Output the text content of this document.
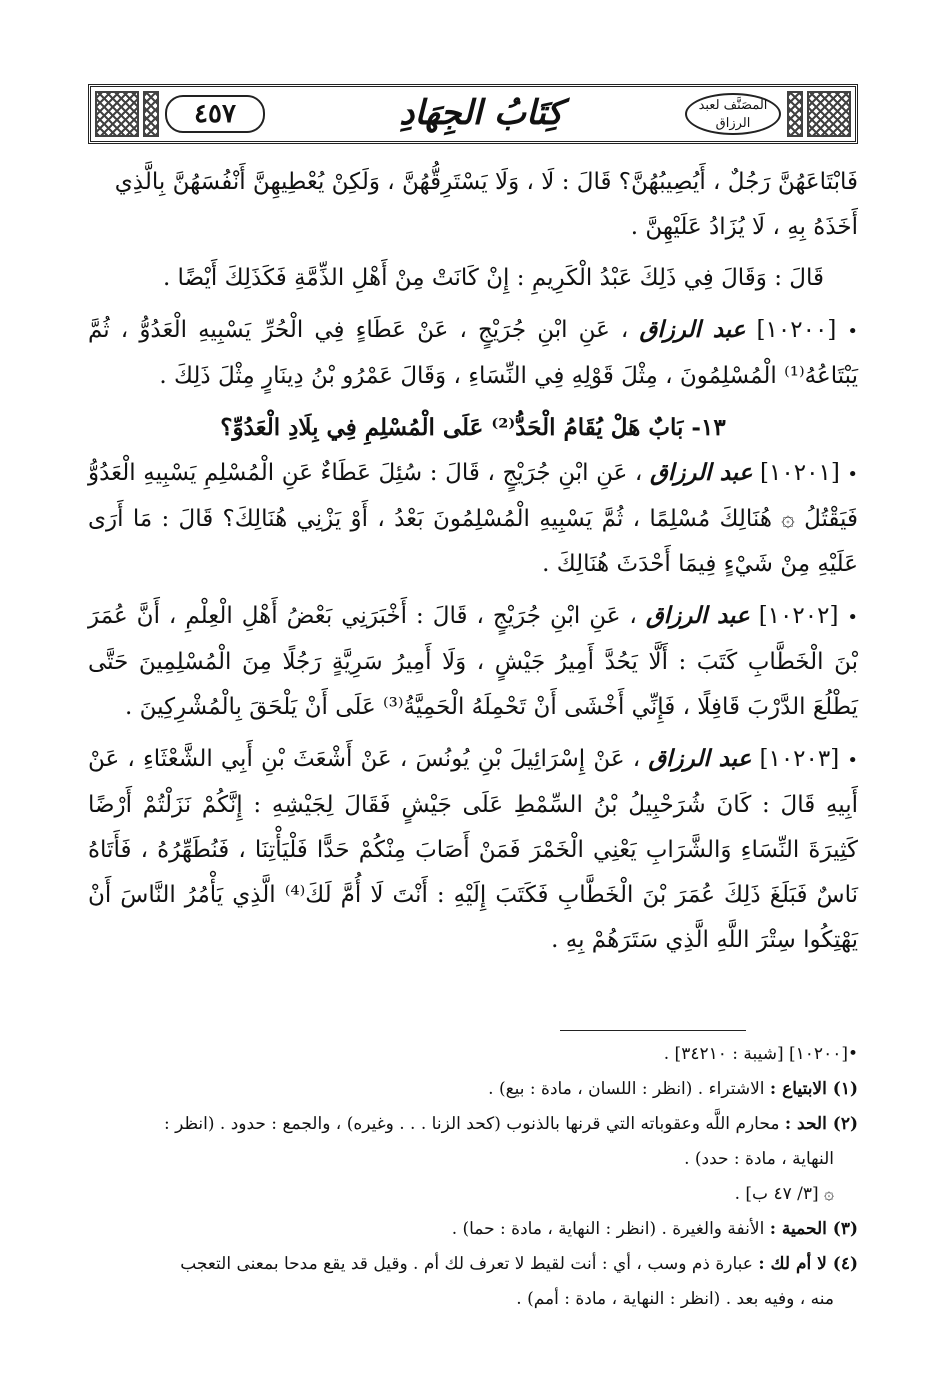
٤٥٧	كِتَابُ الجِهَادِ	المصَنَّف لعبد الرزاق

فَابْتَاعَهُنَّ رَجُلٌ ، أَيُصِيبُهُنَّ؟ قَالَ : لَا ، وَلَا يَسْتَرِقُّهُنَّ ، وَلَكِنْ يُعْطِيهِنَّ أَنْفُسَهُنَّ بِالَّذِي

أَخَذَهُ بِهِ ، لَا يُزَادُ عَلَيْهِنَّ .

قَالَ : وَقَالَ فِي ذَلِكَ عَبْدُ الْكَرِيمِ : إِنْ كَانَتْ مِنْ أَهْلِ الذِّمَّةِ فَكَذَلِكَ أَيْضًا .

• [١٠٢٠٠] عبد الرزاق ، عَنِ ابْنِ جُرَيْجٍ ، عَنْ عَطَاءٍ فِي الْحُرِّ يَسْبِيهِ الْعَدُوُّ ، ثُمَّ يَبْتَاعُهُ⁽¹⁾ الْمُسْلِمُونَ ، مِثْلَ قَوْلِهِ فِي النِّسَاءِ ، وَقَالَ عَمْرُو بْنُ دِينَارٍ مِثْلَ ذَلِكَ .

١٣- بَابٌ هَلْ يُقَامُ الْحَدُّ⁽²⁾ عَلَى الْمُسْلِمِ فِي بِلَادِ الْعَدُوِّ؟

• [١٠٢٠١] عبد الرزاق ، عَنِ ابْنِ جُرَيْجٍ ، قَالَ : سُئِلَ عَطَاءٌ عَنِ الْمُسْلِمِ يَسْبِيهِ الْعَدُوُّ فَيَقْتُلُ ۞ هُنَالِكَ مُسْلِمًا ، ثُمَّ يَسْبِيهِ الْمُسْلِمُونَ بَعْدُ ، أَوْ يَزْنِي هُنَالِكَ؟ قَالَ : مَا أَرَى عَلَيْهِ مِنْ شَيْءٍ فِيمَا أَحْدَثَ هُنَالِكَ .

• [١٠٢٠٢] عبد الرزاق ، عَنِ ابْنِ جُرَيْجٍ ، قَالَ : أَخْبَرَنِي بَعْضُ أَهْلِ الْعِلْمِ ، أَنَّ عُمَرَ بْنَ الْخَطَّابِ كَتَبَ : أَلَّا يَحُدَّ أَمِيرُ جَيْشٍ ، وَلَا أَمِيرُ سَرِيَّةٍ رَجُلًا مِنَ الْمُسْلِمِينَ حَتَّى يَطْلُعَ الدَّرْبَ قَافِلًا ، فَإِنِّي أَخْشَى أَنْ تَحْمِلَهُ الْحَمِيَّةُ⁽³⁾ عَلَى أَنْ يَلْحَقَ بِالْمُشْرِكِينَ .

• [١٠٢٠٣] عبد الرزاق ، عَنْ إِسْرَائِيلَ بْنِ يُونُسَ ، عَنْ أَشْعَثَ بْنِ أَبِي الشَّعْثَاءِ ، عَنْ أَبِيهِ قَالَ : كَانَ شُرَحْبِيلُ بْنُ السِّمْطِ عَلَى جَيْشٍ فَقَالَ لِجَيْشِهِ : إِنَّكُمْ نَزَلْتُمْ أَرْضًا كَثِيرَةَ النِّسَاءِ وَالشَّرَابِ يَعْنِي الْخَمْرَ فَمَنْ أَصَابَ مِنْكُمْ حَدًّا فَلْيَأْتِنَا ، فَنُطَهِّرُهُ ، فَأَتَاهُ نَاسٌ فَبَلَغَ ذَلِكَ عُمَرَ بْنَ الْخَطَّابِ فَكَتَبَ إِلَيْهِ : أَنْتَ لَا أُمَّ لَكَ⁽⁴⁾ الَّذِي يَأْمُرُ النَّاسَ أَنْ يَهْتِكُوا سِتْرَ اللَّهِ الَّذِي سَتَرَهُمْ بِهِ .

•[١٠٢٠٠] [شيبة : ٣٤٢١٠] .

(١) الابتياع : الاشتراء . (انظر : اللسان ، مادة : بيع) .

(٢) الحد : محارم اللَّه وعقوباته التي قرنها بالذنوب (كحد الزنا . . . وغيره) ، والجمع : حدود . (انظر :

النهاية ، مادة : حدد) .

۞ [٣/ ٤٧ ب] .

(٣) الحمية : الأنفة والغيرة . (انظر : النهاية ، مادة : حما) .

(٤) لا أم لك : عبارة ذم وسب ، أي : أنت لقيط لا تعرف لك أم . وقيل قد يقع مدحا بمعنى التعجب

منه ، وفيه بعد . (انظر : النهاية ، مادة : أمم) .
